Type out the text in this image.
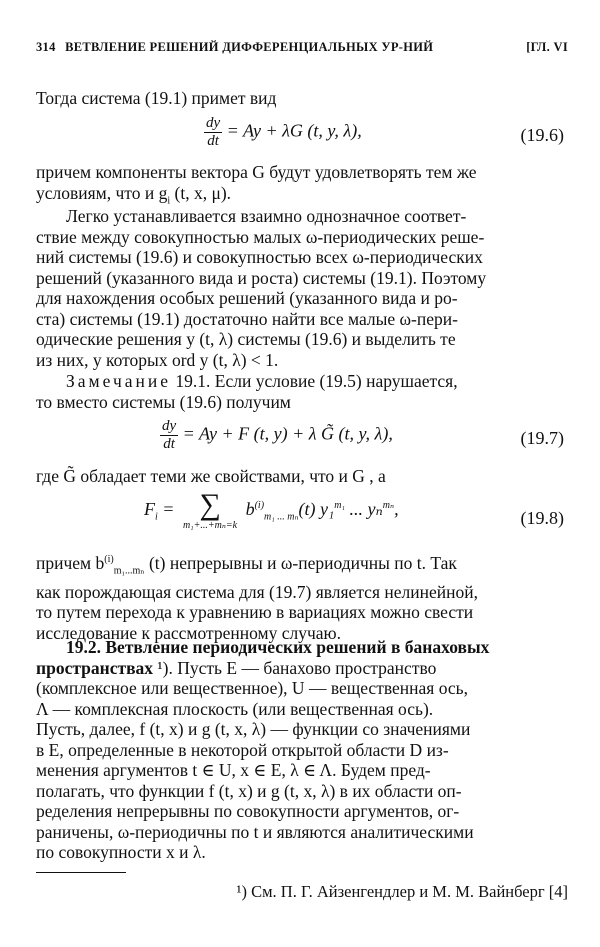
314 ВЕТВЛЕНИЕ РЕШЕНИЙ ДИФФЕРЕНЦИАЛЬНЫХ УР-НИЙ	[ГЛ. VI
Тогда система (19.1) примет вид
$\frac{dy}{dt} = Ay + \lambda G$ (t, y, λ),	(19.6)
причем компоненты вектора G будут удовлетворять тем же
условиям, что и $g_i$ (t, x, μ).
Легко устанавливается взаимно однозначное соответ-
ствие между совокупностью малых ω-периодических реше-
ний системы (19.6) и совокупностью всех ω-периодических
решений (указанного вида и роста) системы (19.1). Поэтому
для нахождения особых решений (указанного вида и ро-
ста) системы (19.1) достаточно найти все малые ω-пери-
одические решения y (t, λ) системы (19.6) и выделить те
из них, у которых ord y (t, λ) < 1.
Замечание 19.1. Если условие (19.5) нарушается,
то вместо системы (19.6) получим
$\frac{dy}{dt} = Ay + F$ (t, y) + λ G̃ (t, y, λ),	(19.7)
где G̃ обладает теми же свойствами, что и G , а
$F_i$ = ∑
m₁+...+mₙ=k
$b^{(i)}_{m_1 ... m_n}(t)$ y₁$^{m_1}$ ... yₙ$^{m_n}$,	(19.8)
причем $b^{(i)}_{m_1...m_n}$ (t) непрерывны и ω-периодичны по t. Так
как порождающая система для (19.7) является нелинейной,
то путем перехода к уравнению в вариациях можно свести
исследование к рассмотренному случаю.
19.2. Ветвление периодических решений в банаховых
пространствах ¹). Пусть E — банахово пространство
(комплексное или вещественное), U — вещественная ось,
Λ — комплексная плоскость (или вещественная ось).
Пусть, далее, f (t, x) и g (t, x, λ) — функции со значениями
в E, определенные в некоторой открытой области D из-
менения аргументов t ∈ U, x ∈ E, λ ∈ Λ. Будем пред-
полагать, что функции f (t, x) и g (t, x, λ) в их области оп-
ределения непрерывны по совокупности аргументов, ог-
раничены, ω-периодичны по t и являются аналитическими
по совокупности x и λ.
¹) См. П. Г. Айзенгендлер и М. М. Вайнберг [4]
